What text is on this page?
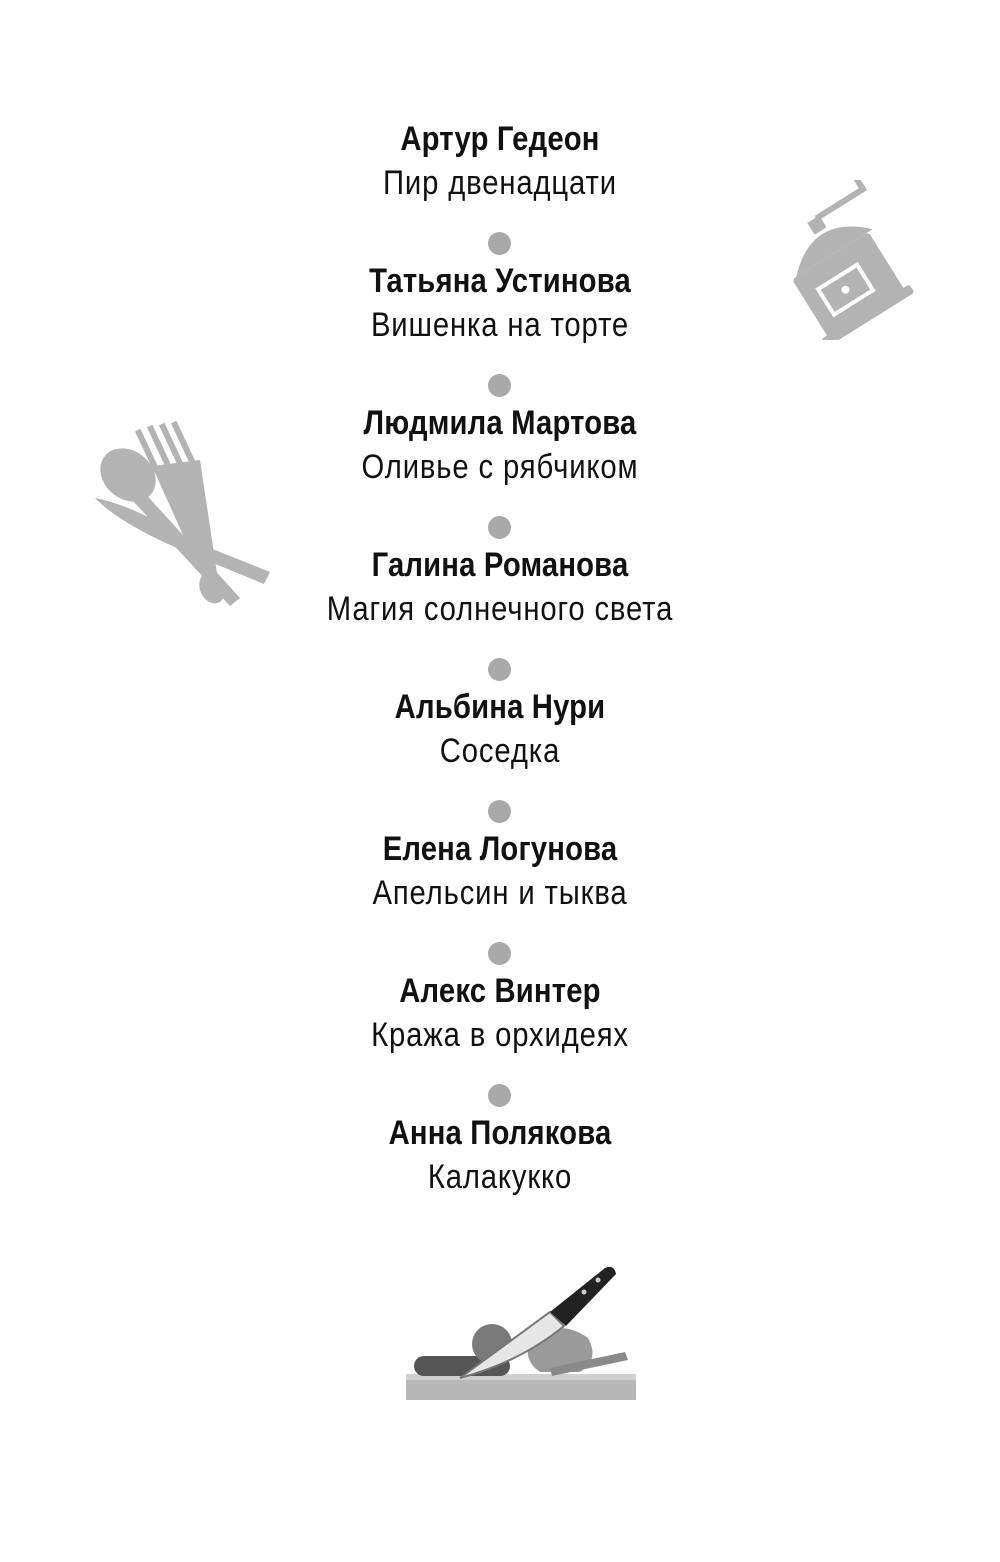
Артур Гедеон
Пир двенадцати
Татьяна Устинова
Вишенка на торте
Людмила Мартова
Оливье с рябчиком
Галина Романова
Магия солнечного света
Альбина Нури
Соседка
Елена Логунова
Апельсин и тыква
Алекс Винтер
Кража в орхидеях
Анна Полякова
Калакукко
